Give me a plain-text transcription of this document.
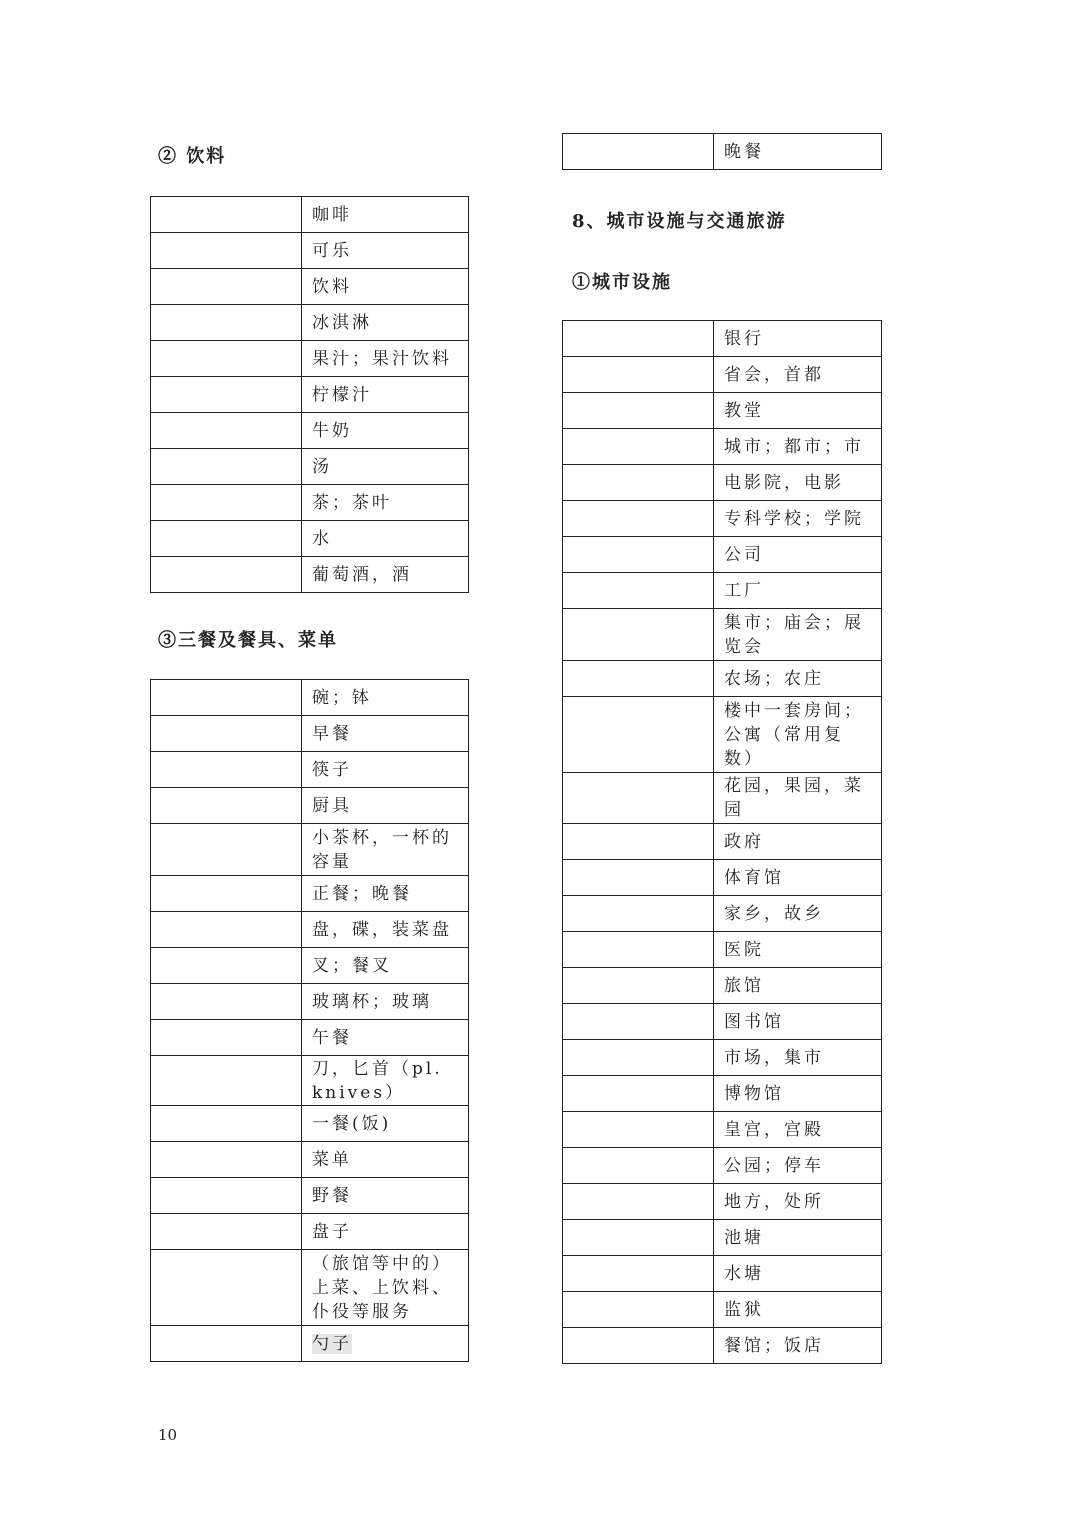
② 饮料
	咖啡
	可乐
	饮料
	冰淇淋
	果汁；果汁饮料
	柠檬汁
	牛奶
	汤
	茶；茶叶
	水
	葡萄酒，酒
③三餐及餐具、菜单
	碗；钵
	早餐
	筷子
	厨具
	小茶杯，一杯的容量
	正餐；晚餐
	盘，碟，装菜盘
	叉；餐叉
	玻璃杯；玻璃
	午餐
	刀，匕首（pl. knives）
	一餐(饭)
	菜单
	野餐
	盘子
	（旅馆等中的）上菜、上饮料、仆役等服务
	勺子
	晚餐
8、城市设施与交通旅游
①城市设施
	银行
	省会，首都
	教堂
	城市；都市；市
	电影院，电影
	专科学校；学院
	公司
	工厂
	集市；庙会；展览会
	农场；农庄
	楼中一套房间；公寓（常用复数）
	花园，果园，菜园
	政府
	体育馆
	家乡，故乡
	医院
	旅馆
	图书馆
	市场，集市
	博物馆
	皇宫，宫殿
	公园；停车
	地方，处所
	池塘
	水塘
	监狱
	餐馆；饭店
10
